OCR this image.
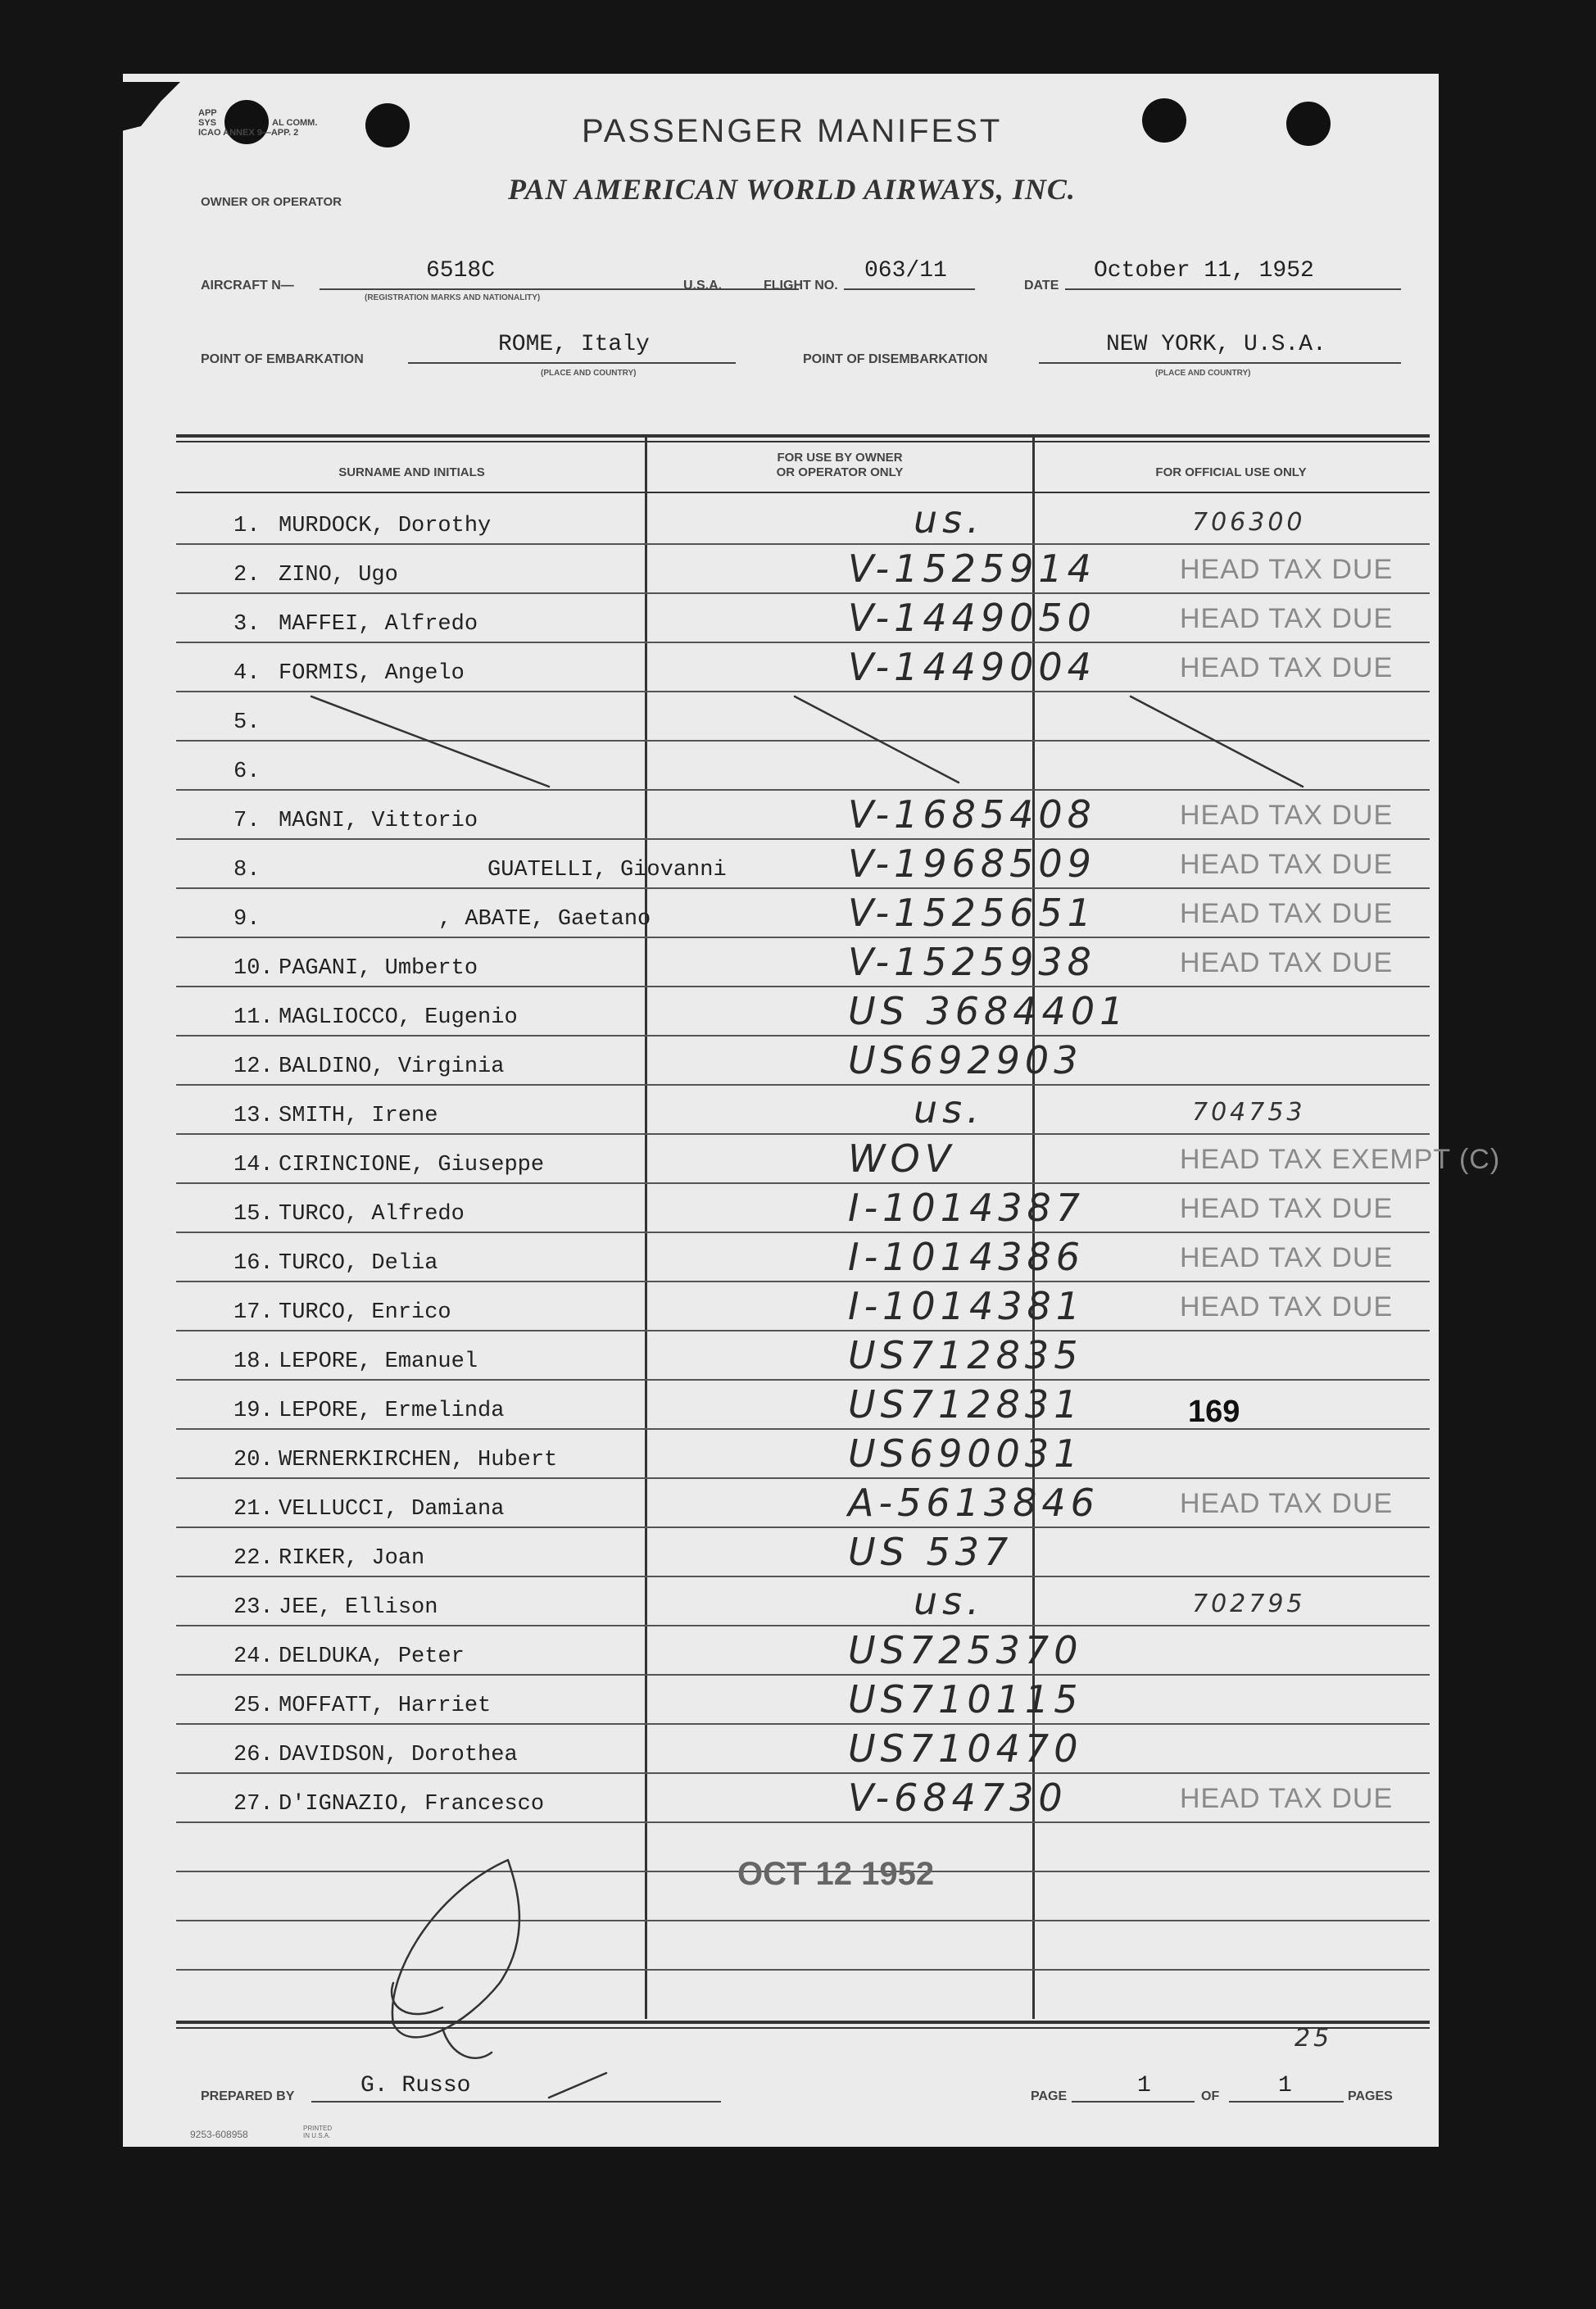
APP
SYS	AL COMM.
ICAO ANNEX 9—APP. 2	PASSENGER MANIFEST
OWNER OR OPERATOR	PAN AMERICAN WORLD AIRWAYS, INC.
AIRCRAFT N—
6518C
(REGISTRATION MARKS AND NATIONALITY)
U.S.A.	FLIGHT NO.
063/11
DATE
October 11, 1952
POINT OF EMBARKATION
ROME, Italy
(PLACE AND COUNTRY)
POINT OF DISEMBARKATION
NEW YORK, U.S.A.
(PLACE AND COUNTRY)
SURNAME AND INITIALS
FOR USE BY OWNER
OR OPERATOR ONLY	FOR OFFICIAL USE ONLY
1. MURDOCK, Dorothy	us.	706300
2. ZINO, Ugo	V-1525914	HEAD TAX DUE
3. MAFFEI, Alfredo	V-1449050	HEAD TAX DUE
4. FORMIS, Angelo	V-1449004	HEAD TAX DUE
5.
6.
7. MAGNI, Vittorio	V-1685408	HEAD TAX DUE
8.	GUATELLI, Giovanni	V-1968509	HEAD TAX DUE
9.	, ABATE, Gaetano	V-1525651	HEAD TAX DUE
10. PAGANI, Umberto	V-1525938	HEAD TAX DUE
11. MAGLIOCCO, Eugenio	US 3684401
12. BALDINO, Virginia	US692903
13. SMITH, Irene	us.	704753
14. CIRINCIONE, Giuseppe	WOV	HEAD TAX EXEMPT (C)
15. TURCO, Alfredo	I-1014387	HEAD TAX DUE
16. TURCO, Delia	I-1014386	HEAD TAX DUE
17. TURCO, Enrico	I-1014381	HEAD TAX DUE
18. LEPORE, Emanuel	US712835
19. LEPORE, Ermelinda	US712831
20. WERNERKIRCHEN, Hubert	US690031
21. VELLUCCI, Damiana	A-5613846	HEAD TAX DUE
22. RIKER, Joan	US 537
23. JEE, Ellison	us.	702795
24. DELDUKA, Peter	US725370
25. MOFFATT, Harriet	US710115
26. DAVIDSON, Dorothea	US710470
27. D'IGNAZIO, Francesco	V-684730	HEAD TAX DUE
169
OCT 12 1952
PREPARED BY	G. Russo	PAGE	1	OF	1	PAGES
25
9253-608958
PRINTED IN U.S.A.
